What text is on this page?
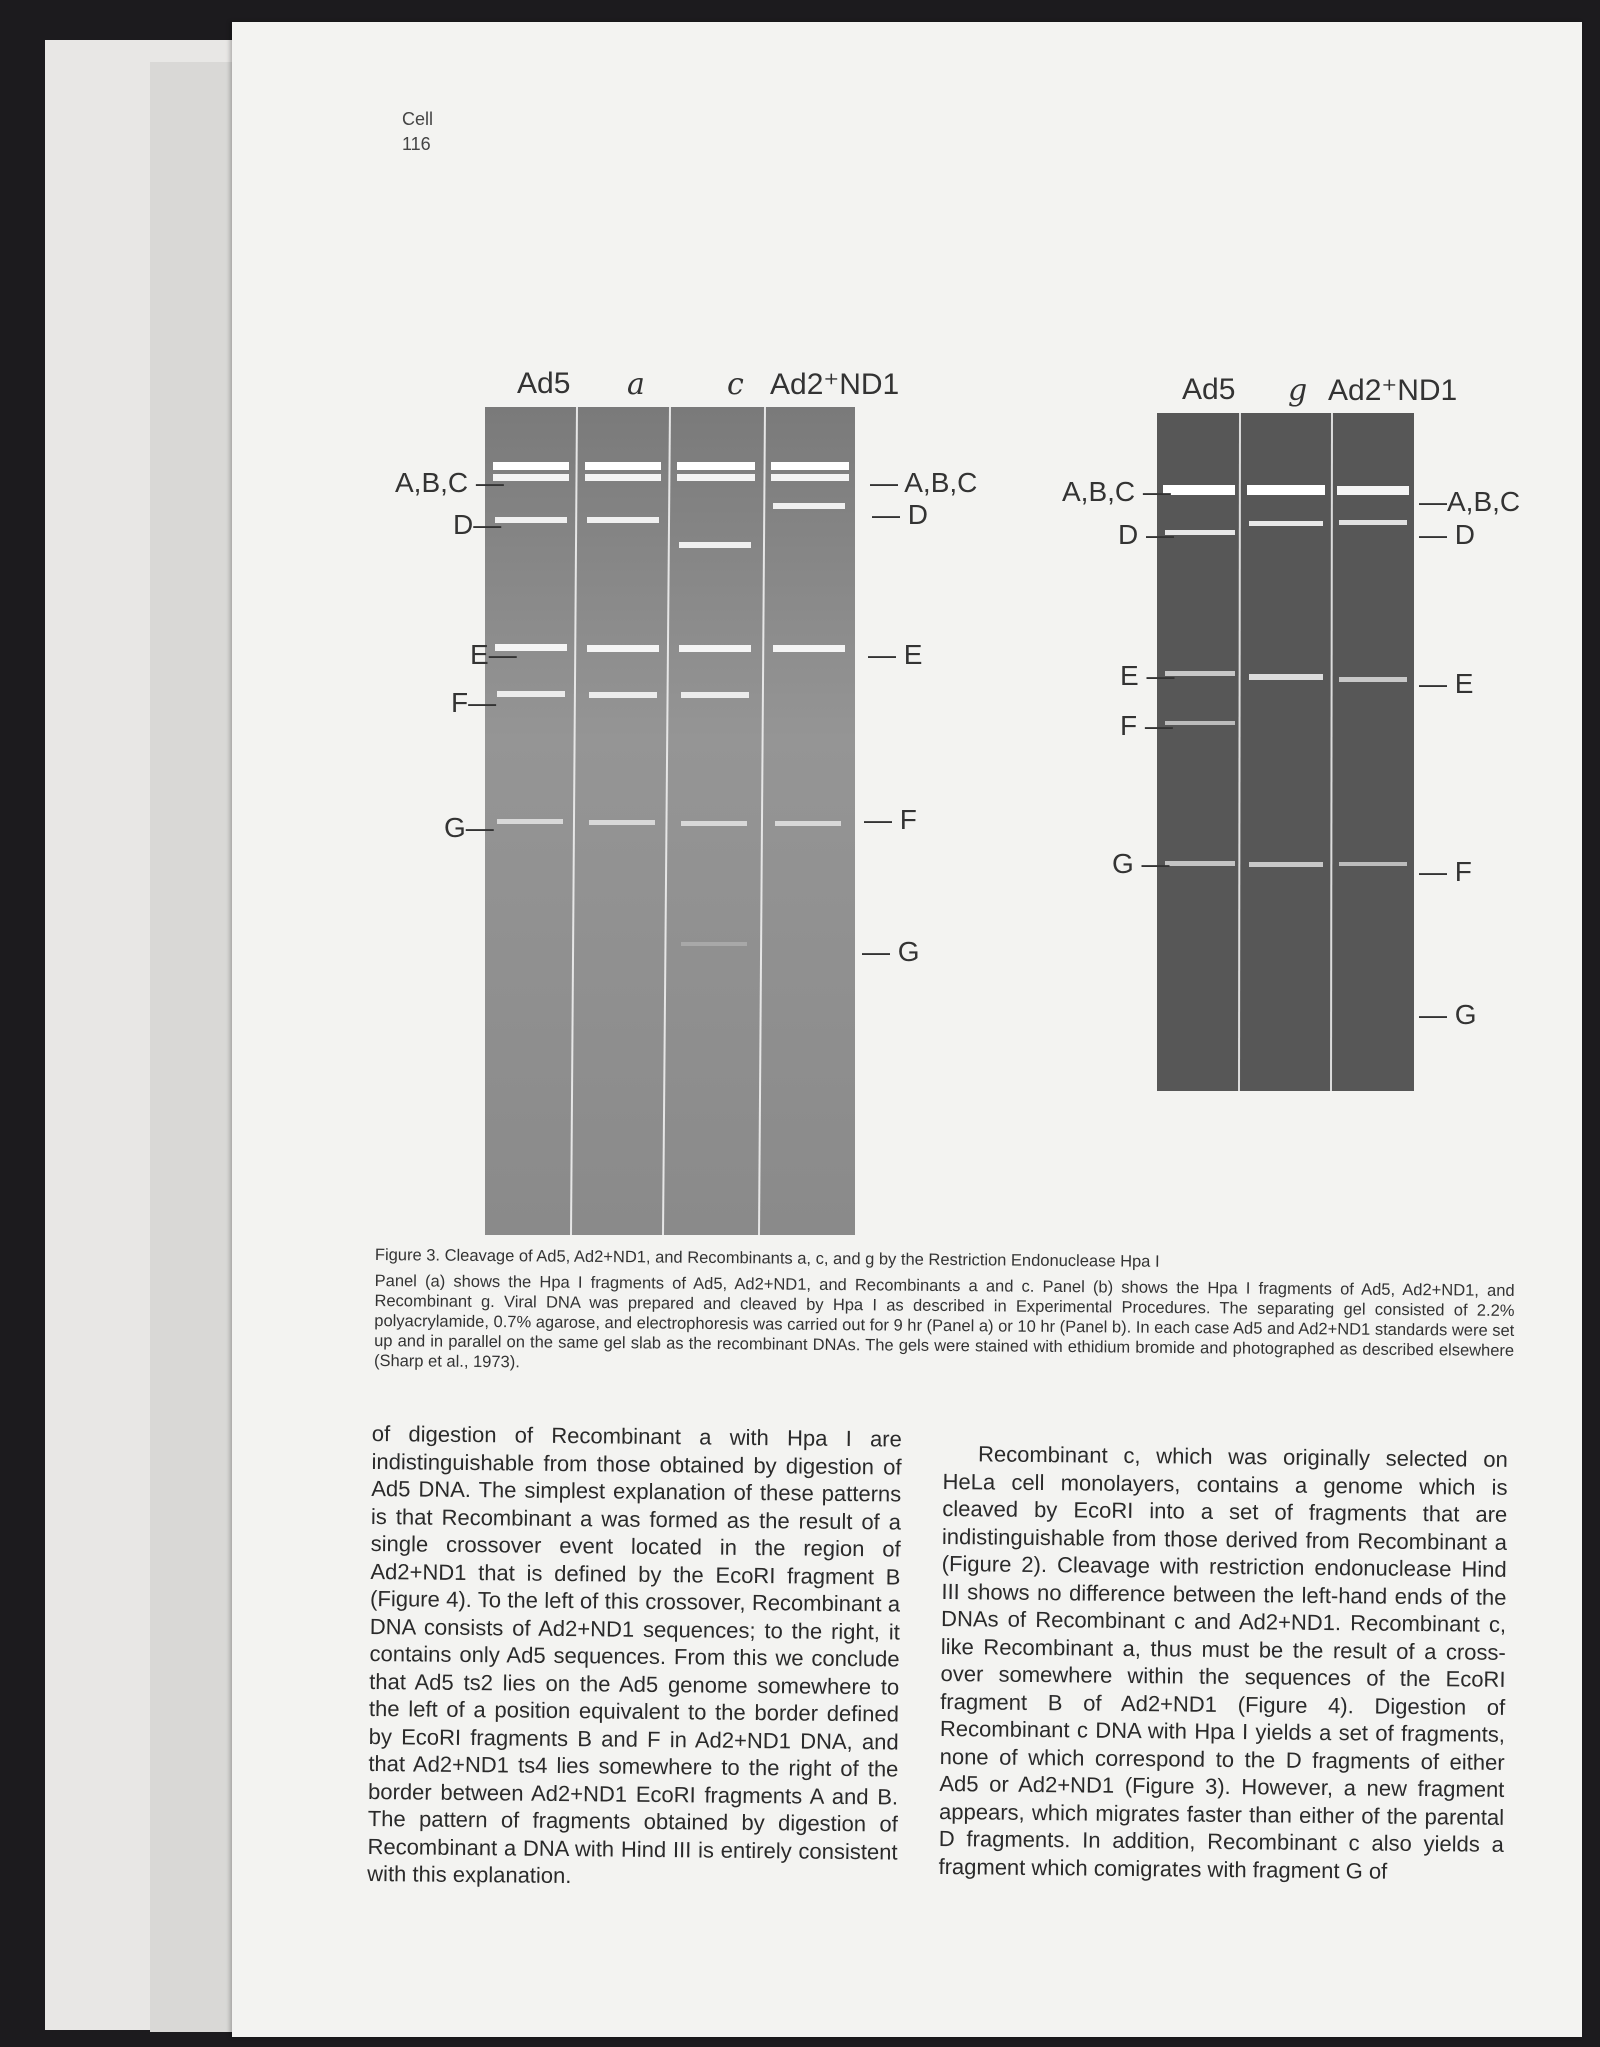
Cell
116
Ad5 a	c Ad2⁺ND1
A,B,C —
D—
E—
F—
G—
— A,B,C
— D
— E
— F
— G
Ad5 g Ad2⁺ND1
A,B,C —
D —
E —
F —
G —
—A,B,C
— D
— E
— F
— G

Figure 3. Cleavage of Ad5, Ad2+ND1, and Recombinants a, c, and g by the Restriction Endonuclease Hpa I

Panel (a) shows the Hpa I fragments of Ad5, Ad2+ND1, and Recombinants a and c. Panel (b) shows the Hpa I fragments of Ad5, Ad2+ND1, and Recombinant g. Viral DNA was prepared and cleaved by Hpa I as described in Experimental Procedures. The separating gel consisted of 2.2% polyacrylamide, 0.7% agarose, and electrophoresis was carried out for 9 hr (Panel a) or 10 hr (Panel b). In each case Ad5 and Ad2+ND1 standards were set up and in parallel on the same gel slab as the recombinant DNAs. The gels were stained with ethidium bromide and photographed as described elsewhere (Sharp et al., 1973).

of digestion of Recombinant a with Hpa I are indistinguishable from those obtained by digestion of Ad5 DNA. The simplest explanation of these patterns is that Recombinant a was formed as the result of a single crossover event located in the region of Ad2+ND1 that is defined by the EcoRI fragment B (Figure 4). To the left of this crossover, Recombinant a DNA consists of Ad2+ND1 sequences; to the right, it contains only Ad5 sequences. From this we conclude that Ad5 ts2 lies on the Ad5 genome somewhere to the left of a position equivalent to the border defined by EcoRI fragments B and F in Ad2+ND1 DNA, and that Ad2+ND1 ts4 lies somewhere to the right of the border between Ad2+ND1 EcoRI fragments A and B. The pattern of fragments obtained by digestion of Recombinant a DNA with Hind III is entirely consistent with this explanation.

Recombinant c, which was originally selected on HeLa cell monolayers, contains a genome which is cleaved by EcoRI into a set of fragments that are indistinguishable from those derived from Recombinant a (Figure 2). Cleavage with restriction endonuclease Hind III shows no difference between the left-hand ends of the DNAs of Recombinant c and Ad2+ND1. Recombinant c, like Recombinant a, thus must be the result of a cross-over somewhere within the sequences of the EcoRI fragment B of Ad2+ND1 (Figure 4). Digestion of Recombinant c DNA with Hpa I yields a set of fragments, none of which correspond to the D fragments of either Ad5 or Ad2+ND1 (Figure 3). However, a new fragment appears, which migrates faster than either of the parental D fragments. In addition, Recombinant c also yields a fragment which comigrates with fragment G of
